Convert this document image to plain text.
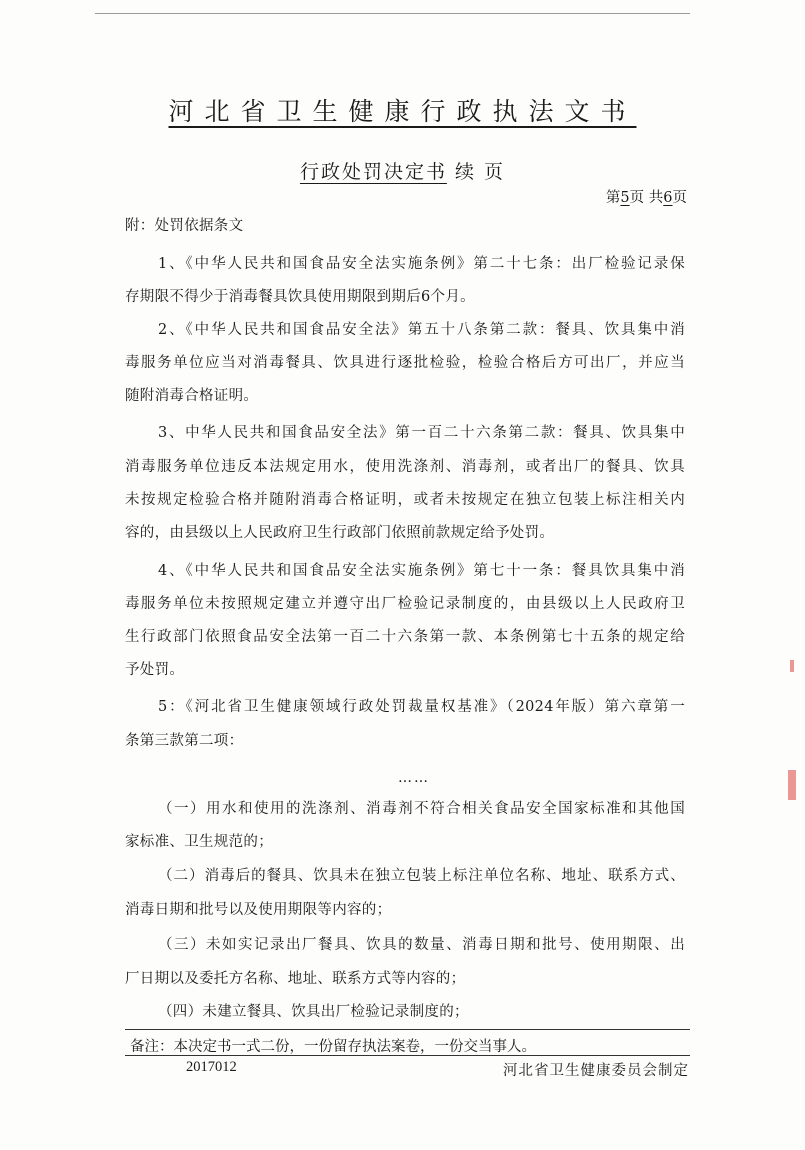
河北省卫生健康行政执法文书
行政处罚决定书 续 页
第5页 共6页
附：处罚依据条文
1、《中华人民共和国食品安全法实施条例》第二十七条：出厂检验记录保
存期限不得少于消毒餐具饮具使用期限到期后6个月。
2、《中华人民共和国食品安全法》第五十八条第二款：餐具、饮具集中消
毒服务单位应当对消毒餐具、饮具进行逐批检验，检验合格后方可出厂，并应当
随附消毒合格证明。
3、中华人民共和国食品安全法》第一百二十六条第二款：餐具、饮具集中
消毒服务单位违反本法规定用水，使用洗涤剂、消毒剂，或者出厂的餐具、饮具
未按规定检验合格并随附消毒合格证明，或者未按规定在独立包装上标注相关内
容的，由县级以上人民政府卫生行政部门依照前款规定给予处罚。
4、《中华人民共和国食品安全法实施条例》第七十一条：餐具饮具集中消
毒服务单位未按照规定建立并遵守出厂检验记录制度的，由县级以上人民政府卫
生行政部门依照食品安全法第一百二十六条第一款、本条例第七十五条的规定给
予处罚。
5：《河北省卫生健康领域行政处罚裁量权基准》（2024年版）第六章第一
条第三款第二项：
……
（一）用水和使用的洗涤剂、消毒剂不符合相关食品安全国家标准和其他国
家标准、卫生规范的；
（二）消毒后的餐具、饮具未在独立包装上标注单位名称、地址、联系方式、
消毒日期和批号以及使用期限等内容的；
（三）未如实记录出厂餐具、饮具的数量、消毒日期和批号、使用期限、出
厂日期以及委托方名称、地址、联系方式等内容的；
（四）未建立餐具、饮具出厂检验记录制度的；
备注：本决定书一式二份，一份留存执法案卷，一份交当事人。
2017012	河北省卫生健康委员会制定
